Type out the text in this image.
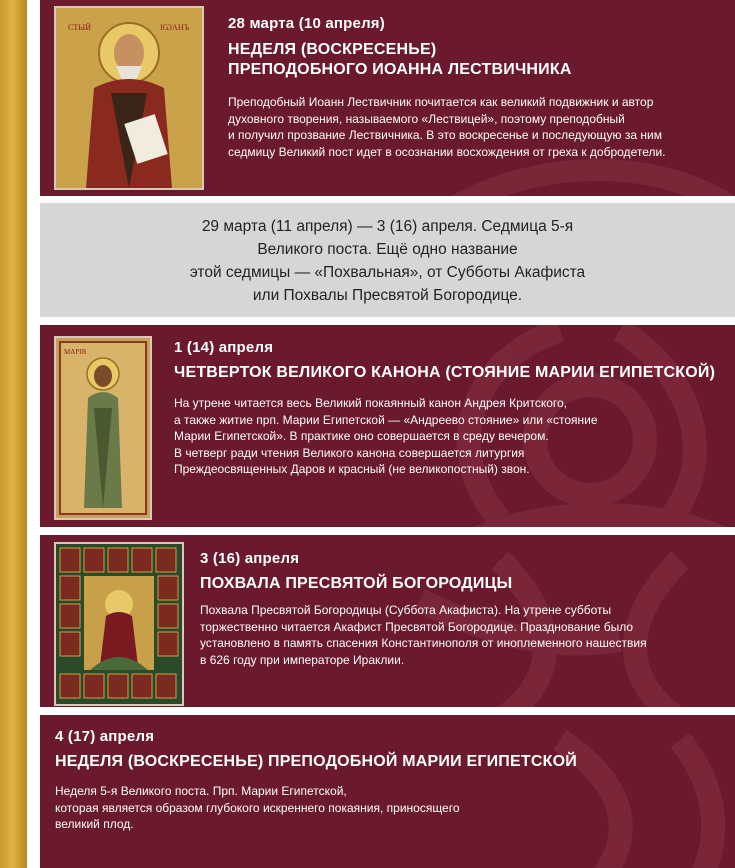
СТЫЙ	ІѠАНЪ	28 марта (10 апреля)
НЕДЕЛЯ (ВОСКРЕСЕНЬЕ)
ПРЕПОДОБНОГО ИОАННА ЛЕСТВИЧНИКА
Преподобный Иоанн Лествичник почитается как великий подвижник и автор
духовного творения, называемого «Лествицей», поэтому преподобный
и получил прозвание Лествичника. В это воскресенье и последующую за ним
седмицу Великий пост идет в осознании восхождения от греха к добродетели.
29 марта (11 апреля) — 3 (16) апреля. Седмица 5-я
Великого поста. Ещё одно название
этой седмицы — «Похвальная», от Субботы Акафиста
или Похвалы Пресвятой Богородице.
МАРІЯ	1 (14) апреля
ЧЕТВЕРТОК ВЕЛИКОГО КАНОНА (СТОЯНИЕ МАРИИ ЕГИПЕТСКОЙ)
На утрене читается весь Великий покаянный канон Андрея Критского,
а также житие прп. Марии Египетской — «Андреево стояние» или «стояние
Марии Египетской». В практике оно совершается в среду вечером.
В четверг ради чтения Великого канона совершается литургия
Преждеосвященных Даров и красный (не великопостный) звон.
3 (16) апреля
ПОХВАЛА ПРЕСВЯТОЙ БОГОРОДИЦЫ
Похвала Пресвятой Богородицы (Суббота Акафиста). На утрене субботы
торжественно читается Акафист Пресвятой Богородице. Празднование было
установлено в память спасения Константинополя от иноплеменного нашествия
в 626 году при императоре Ираклии.
4 (17) апреля
НЕДЕЛЯ (ВОСКРЕСЕНЬЕ) ПРЕПОДОБНОЙ МАРИИ ЕГИПЕТСКОЙ
Неделя 5-я Великого поста. Прп. Марии Египетской,
которая является образом глубокого искреннего покаяния, приносящего
великий плод.
